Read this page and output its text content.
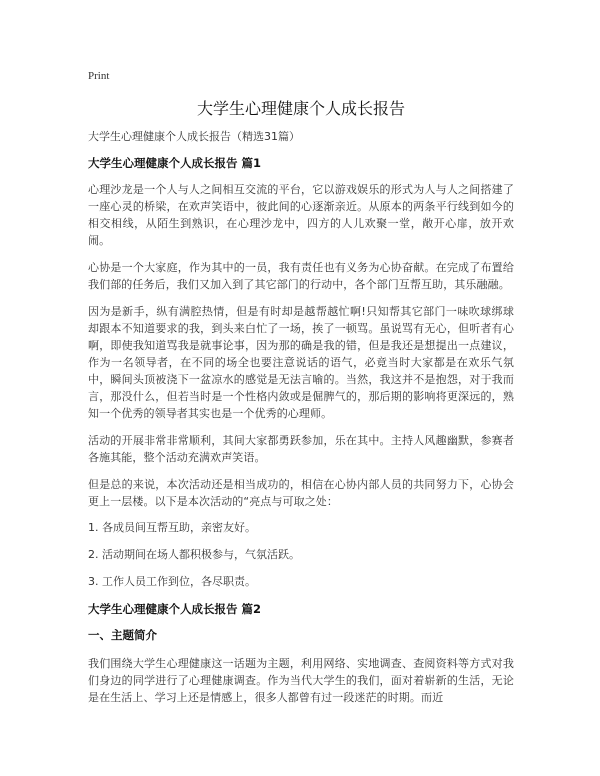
Print
大学生心理健康个人成长报告
大学生心理健康个人成长报告（精选31篇）
大学生心理健康个人成长报告 篇1

心理沙龙是一个人与人之间相互交流的平台，它以游戏娱乐的形式为人与人之间搭建了一座心灵的桥梁，在欢声笑语中，彼此间的心逐渐亲近。从原本的两条平行线到如今的相交相线，从陌生到熟识，在心理沙龙中，四方的人儿欢聚一堂，敞开心扉，放开欢闹。

心协是一个大家庭，作为其中的一员，我有责任也有义务为心协奋献。在完成了布置给我们部的任务后，我们又加入到了其它部门的行动中，各个部门互帮互助，其乐融融。

因为是新手，纵有满腔热情，但是有时却是越帮越忙啊!只知帮其它部门一味吹球绑球却跟本不知道要求的我，到头来白忙了一场，挨了一顿骂。虽说骂有无心，但听者有心啊，即使我知道骂我是就事论事，因为那的确是我的错，但是我还是想提出一点建议，作为一名领导者，在不同的场全也要注意说话的语气，必竟当时大家都是在欢乐气氛中，瞬间头顶被浇下一盆凉水的感觉是无法言喻的。当然，我这并不是抱怨，对于我而言，那没什么，但若当时是一个性格内敛或是倔脾气的，那后期的影响将更深远的，熟知一个优秀的领导者其实也是一个优秀的心理师。

活动的开展非常非常顺利，其间大家都勇跃参加，乐在其中。主持人风趣幽默，参赛者各施其能，整个活动充满欢声笑语。

但是总的来说，本次活动还是相当成功的，相信在心协内部人员的共同努力下，心协会更上一层楼。以下是本次活动的“亮点与可取之处：

1. 各成员间互帮互助，亲密友好。
2. 活动期间在场人都积极参与，气氛活跃。
3. 工作人员工作到位，各尽职责。
大学生心理健康个人成长报告 篇2
一、主题简介

我们围绕大学生心理健康这一话题为主题，利用网络、实地调查、查阅资料等方式对我们身边的同学进行了心理健康调查。作为当代大学生的我们，面对着崭新的生活，无论是在生活上、学习上还是情感上，很多人都曾有过一段迷茫的时期。而近
